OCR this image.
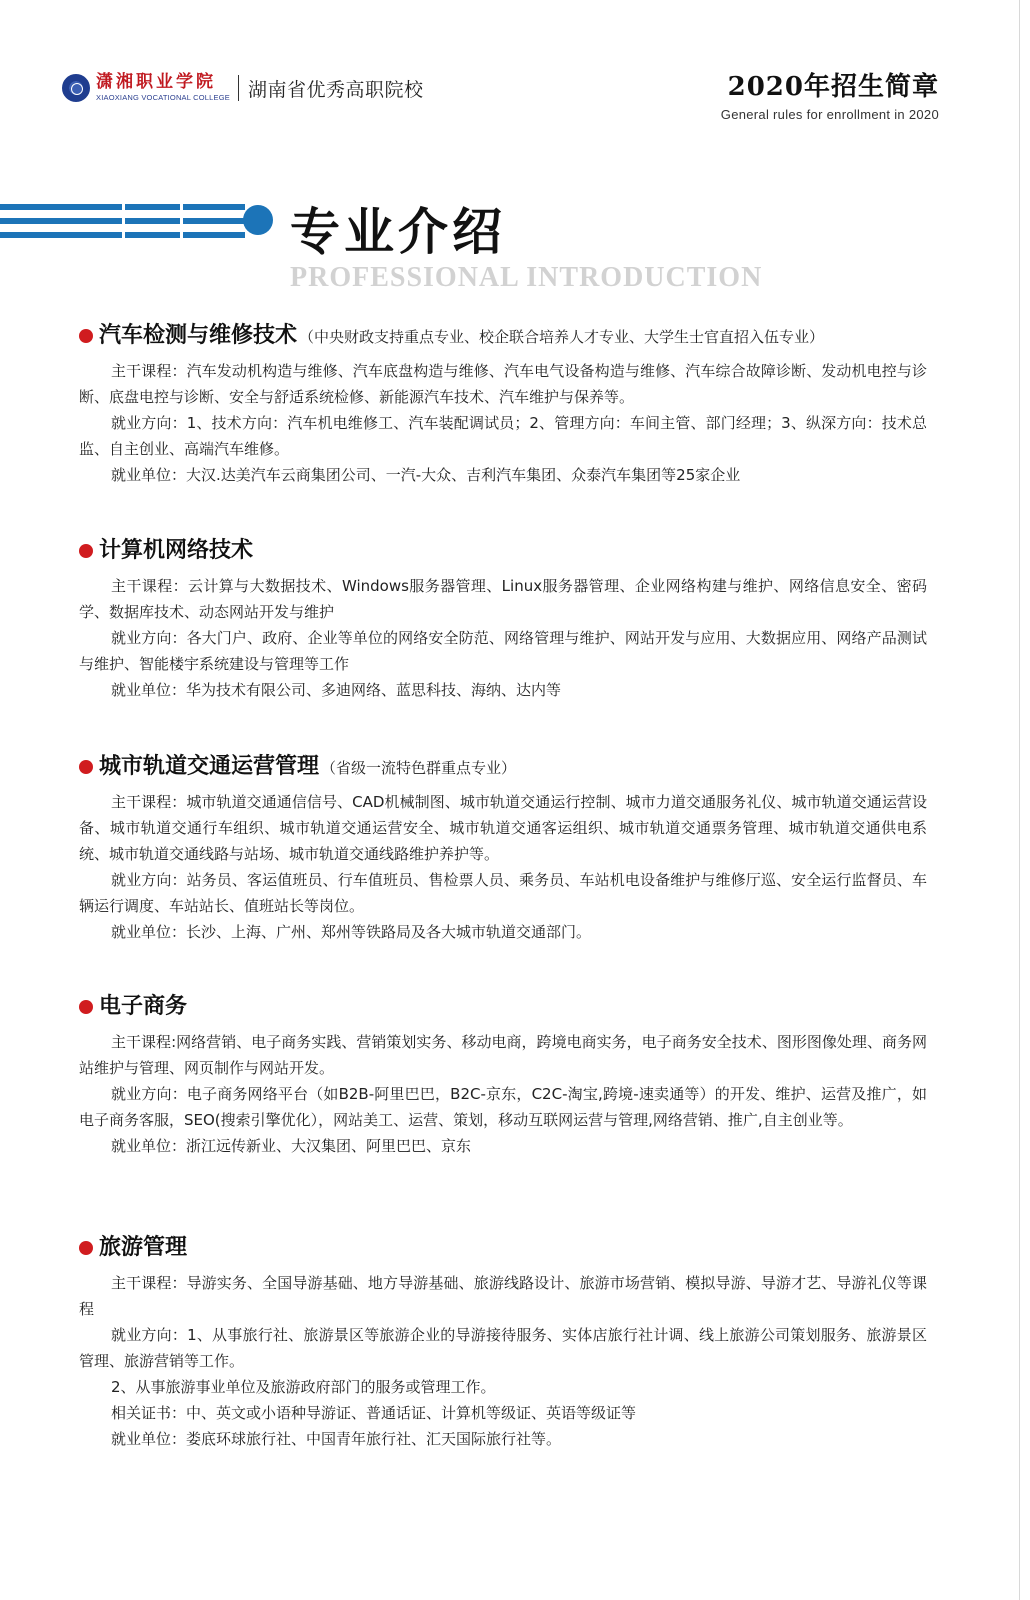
潇湘职业学院
XIAOXIANG VOCATIONAL COLLEGE 湖南省优秀高职院校	2020年招生简章
General rules for enrollment in 2020
专业介绍
PROFESSIONAL INTRODUCTION
汽车检测与维修技术 （中央财政支持重点专业、校企联合培养人才专业、大学生士官直招入伍专业）
主干课程：汽车发动机构造与维修、汽车底盘构造与维修、汽车电气设备构造与维修、汽车综合故障诊断、发动机电控与诊断、底盘电控与诊断、安全与舒适系统检修、新能源汽车技术、汽车维护与保养等。
就业方向：1、技术方向：汽车机电维修工、汽车装配调试员；2、管理方向：车间主管、部门经理；3、纵深方向：技术总监、自主创业、高端汽车维修。
就业单位：大汉.达美汽车云商集团公司、一汽-大众、吉利汽车集团、众泰汽车集团等25家企业
计算机网络技术
主干课程：云计算与大数据技术、Windows服务器管理、Linux服务器管理、企业网络构建与维护、网络信息安全、密码学、数据库技术、动态网站开发与维护
就业方向：各大门户、政府、企业等单位的网络安全防范、网络管理与维护、网站开发与应用、大数据应用、网络产品测试与维护、智能楼宇系统建设与管理等工作
就业单位：华为技术有限公司、多迪网络、蓝思科技、海纳、达内等
城市轨道交通运营管理 （省级一流特色群重点专业）
主干课程：城市轨道交通通信信号、CAD机械制图、城市轨道交通运行控制、城市力道交通服务礼仪、城市轨道交通运营设备、城市轨道交通行车组织、城市轨道交通运营安全、城市轨道交通客运组织、城市轨道交通票务管理、城市轨道交通供电系统、城市轨道交通线路与站场、城市轨道交通线路维护养护等。
就业方向：站务员、客运值班员、行车值班员、售检票人员、乘务员、车站机电设备维护与维修厅巡、安全运行监督员、车辆运行调度、车站站长、值班站长等岗位。
就业单位：长沙、上海、广州、郑州等铁路局及各大城市轨道交通部门。
电子商务
主干课程:网络营销、电子商务实践、营销策划实务、移动电商，跨境电商实务，电子商务安全技术、图形图像处理、商务网站维护与管理、网页制作与网站开发。
就业方向：电子商务网络平台（如B2B-阿里巴巴，B2C-京东，C2C-淘宝,跨境-速卖通等）的开发、维护、运营及推广，如电子商务客服，SEO(搜索引擎优化），网站美工、运营、策划，移动互联网运营与管理,网络营销、推广,自主创业等。
就业单位：浙江远传新业、大汉集团、阿里巴巴、京东
旅游管理
主干课程：导游实务、全国导游基础、地方导游基础、旅游线路设计、旅游市场营销、模拟导游、导游才艺、导游礼仪等课程
就业方向：1、从事旅行社、旅游景区等旅游企业的导游接待服务、实体店旅行社计调、线上旅游公司策划服务、旅游景区管理、旅游营销等工作。
2、从事旅游事业单位及旅游政府部门的服务或管理工作。
相关证书：中、英文或小语种导游证、普通话证、计算机等级证、英语等级证等
就业单位：娄底环球旅行社、中国青年旅行社、汇天国际旅行社等。
